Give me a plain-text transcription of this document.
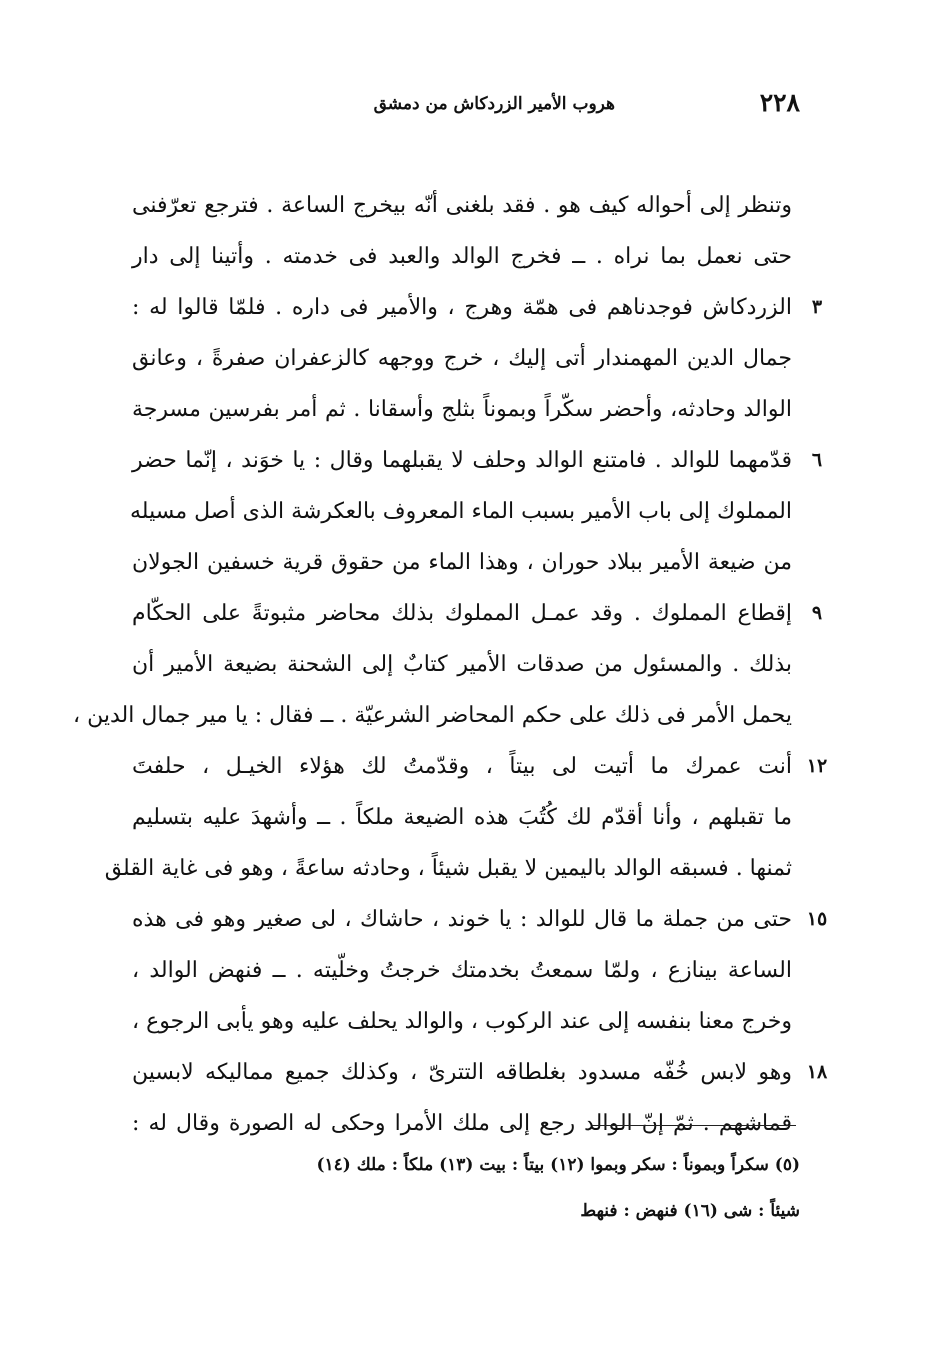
٢٢٨
هروب الأمير الزردكاش من دمشق
وتنظر إلى أحواله كيف هو . فقد بلغنى أنّه بيخرج الساعة . فترجع تعرّفنى
حتى نعمل بما نراه . ــ فخرج الوالد والعبد فى خدمته . وأتينا إلى دار
٣
الزردكاش فوجدناهم فى همّة وهرج ، والأمير فى داره . فلمّا قالوا له :
جمال الدين المهمندار أتى إليك ، خرج ووجهه كالزعفران صفرةً ، وعانق
الوالد وحادثه، وأحضر سكّراً وبموناً بثلج وأسقانا . ثم أمر بفرسين مسرجة
٦
قدّمهما للوالد . فامتنع الوالد وحلف لا يقبلهما وقال : يا خوَند ، إنّما حضر
المملوك إلى باب الأمير بسبب الماء المعروف بالعكرشة الذى أصل مسيله
من ضيعة الأمير ببلاد حوران ، وهذا الماء من حقوق قرية خسفين الجولان
٩
إقطاع المملوك . وقد عمـل المملوك بذلك محاضر مثبوتةً على الحكّام
بذلك . والمسئول من صدقات الأمير كتابٌ إلى الشحنة بضيعة الأمير أن
يحمل الأمر فى ذلك على حكم المحاضر الشرعيّة . ــ فقال : يا مير جمال الدين ،
١٢
أنت عمرك ما أتيت لى بيتاً ، وقدّمتُ لك هؤلاء الخيـل ، حلفتَ
ما تقبلهم ، وأنا أقدّم لك كُتُبَ هذه الضيعة ملكاً . ــ وأشهدَ عليه بتسليم
ثمنها . فسبقه الوالد باليمين لا يقبل شيئاً ، وحادثه ساعةً ، وهو فى غاية القلق
١٥
حتى من جملة ما قال للوالد : يا خوند ، حاشاك ، لى صغير وهو فى هذه
الساعة بينازع ، ولمّا سمعتُ بخدمتك خرجتُ وخلّيته . ــ فنهض الوالد ،
وخرج معنا بنفسه إلى عند الركوب ، والوالد يحلف عليه وهو يأبى الرجوع ،
١٨
وهو لابس خُفّه مسدود بغلطاقه التترىّ ، وكذلك جميع مماليكه لابسين
قماشهم . ثمّ إنّ الوالد رجع إلى ملك الأمرا وحكى له الصورة وقال له :
(٥) سكراً وبموناً : سكر وبموا (١٢) بيتاً : بيت (١٣) ملكاً : ملك (١٤)
شيئاً : شى (١٦) فنهض : فنهط
